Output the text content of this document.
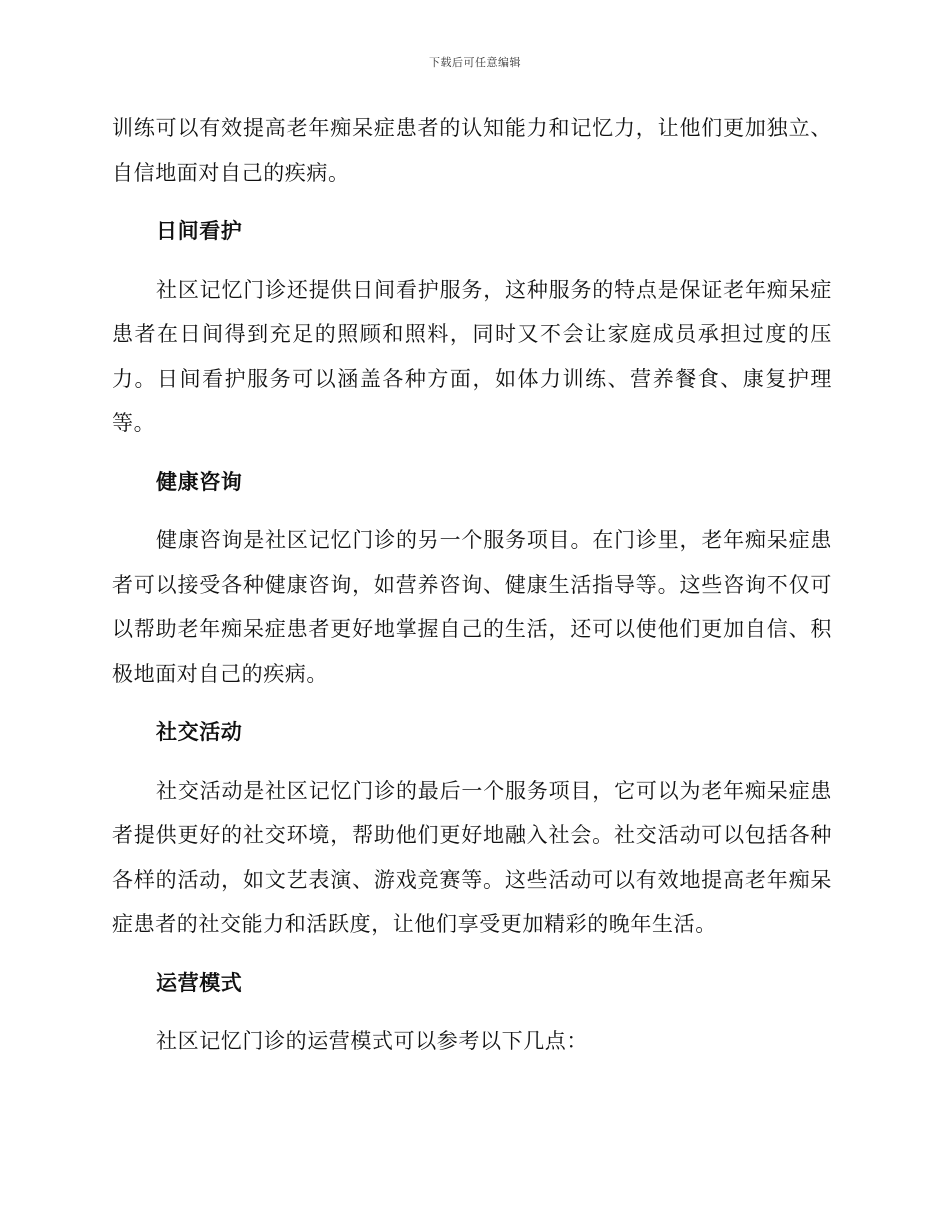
下载后可任意编辑

训练可以有效提高老年痴呆症患者的认知能力和记忆力，让他们更加独立、自信地面对自己的疾病。

日间看护

社区记忆门诊还提供日间看护服务，这种服务的特点是保证老年痴呆症患者在日间得到充足的照顾和照料，同时又不会让家庭成员承担过度的压力。日间看护服务可以涵盖各种方面，如体力训练、营养餐食、康复护理等。

健康咨询

健康咨询是社区记忆门诊的另一个服务项目。在门诊里，老年痴呆症患者可以接受各种健康咨询，如营养咨询、健康生活指导等。这些咨询不仅可以帮助老年痴呆症患者更好地掌握自己的生活，还可以使他们更加自信、积极地面对自己的疾病。

社交活动

社交活动是社区记忆门诊的最后一个服务项目，它可以为老年痴呆症患者提供更好的社交环境，帮助他们更好地融入社会。社交活动可以包括各种各样的活动，如文艺表演、游戏竞赛等。这些活动可以有效地提高老年痴呆症患者的社交能力和活跃度，让他们享受更加精彩的晚年生活。

运营模式

社区记忆门诊的运营模式可以参考以下几点：
